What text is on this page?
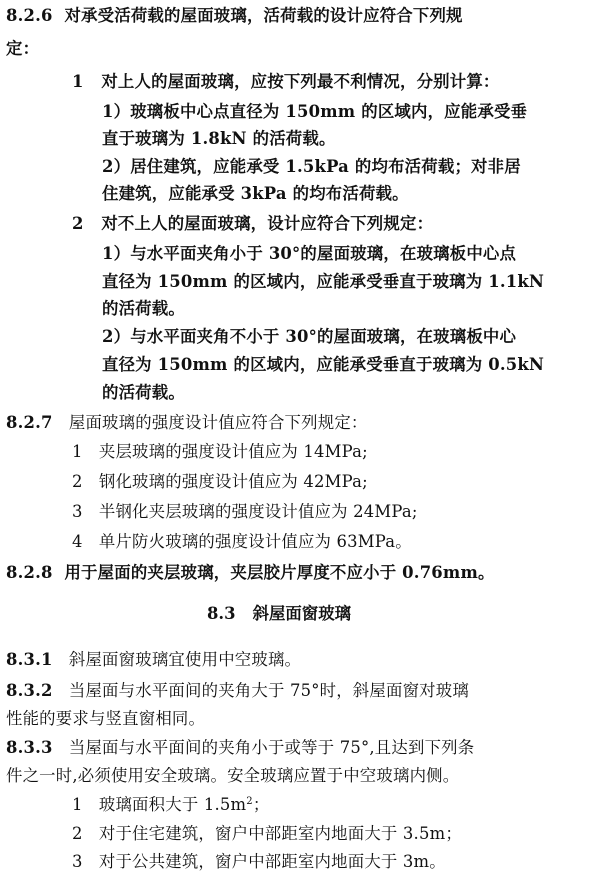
8.2.6 对承受活荷载的屋面玻璃，活荷载的设计应符合下列规
定：
1 对上人的屋面玻璃，应按下列最不利情况，分别计算：
1）玻璃板中心点直径为 150mm 的区域内，应能承受垂
直于玻璃为 1.8kN 的活荷载。
2）居住建筑，应能承受 1.5kPa 的均布活荷载；对非居
住建筑，应能承受 3kPa 的均布活荷载。
2 对不上人的屋面玻璃，设计应符合下列规定：
1）与水平面夹角小于 30°的屋面玻璃，在玻璃板中心点
直径为 150mm 的区域内，应能承受垂直于玻璃为 1.1kN
的活荷载。
2）与水平面夹角不小于 30°的屋面玻璃，在玻璃板中心
直径为 150mm 的区域内，应能承受垂直于玻璃为 0.5kN
的活荷载。
8.2.7 屋面玻璃的强度设计值应符合下列规定：
1 夹层玻璃的强度设计值应为 14MPa;
2 钢化玻璃的强度设计值应为 42MPa;
3 半钢化夹层玻璃的强度设计值应为 24MPa;
4 单片防火玻璃的强度设计值应为 63MPa。
8.2.8 用于屋面的夹层玻璃，夹层胶片厚度不应小于 0.76mm。
8.3 斜屋面窗玻璃
8.3.1 斜屋面窗玻璃宜使用中空玻璃。
8.3.2 当屋面与水平面间的夹角大于 75°时，斜屋面窗对玻璃
性能的要求与竖直窗相同。
8.3.3 当屋面与水平面间的夹角小于或等于 75°,且达到下列条
件之一时,必须使用安全玻璃。安全玻璃应置于中空玻璃内侧。
1 玻璃面积大于 $1.5m^2$；
2 对于住宅建筑，窗户中部距室内地面大于 3.5m；
3 对于公共建筑，窗户中部距室内地面大于 3m。
